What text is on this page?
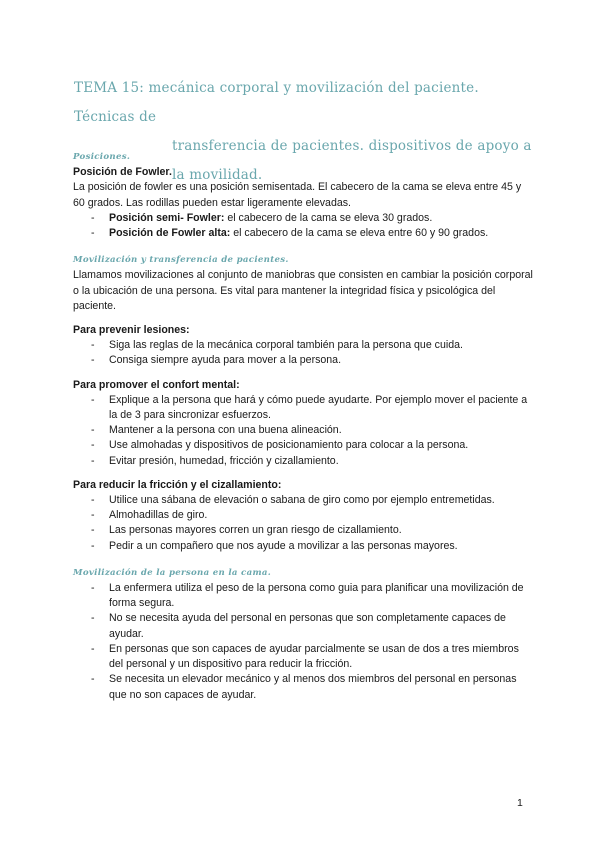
TEMA 15: mecánica corporal y movilización del paciente. Técnicas de
transferencia de pacientes. dispositivos de apoyo a la movilidad.
Posiciones.
Posición de Fowler.

La posición de fowler es una posición semisentada. El cabecero de la cama se eleva entre 45 y 60 grados. Las rodillas pueden estar ligeramente elevadas.

- Posición semi- Fowler: el cabecero de la cama se eleva 30 grados.
- Posición de Fowler alta: el cabecero de la cama se eleva entre 60 y 90 grados.
Movilización y transferencia de pacientes.

Llamamos movilizaciones al conjunto de maniobras que consisten en cambiar la posición corporal o la ubicación de una persona. Es vital para mantener la integridad física y psicológica del paciente.

Para prevenir lesiones:
- Siga las reglas de la mecánica corporal también para la persona que cuida.
- Consiga siempre ayuda para mover a la persona.
Para promover el confort mental:
- Explique a la persona que hará y cómo puede ayudarte. Por ejemplo mover el paciente a la de 3 para sincronizar esfuerzos.
- Mantener a la persona con una buena alineación.
- Use almohadas y dispositivos de posicionamiento para colocar a la persona.
- Evitar presión, humedad, fricción y cizallamiento.
Para reducir la fricción y el cizallamiento:
- Utilice una sábana de elevación o sabana de giro como por ejemplo entremetidas.
- Almohadillas de giro.
- Las personas mayores corren un gran riesgo de cizallamiento.
- Pedir a un compañero que nos ayude a movilizar a las personas mayores.
Movilización de la persona en la cama.
- La enfermera utiliza el peso de la persona como guia para planificar una movilización de forma segura.
- No se necesita ayuda del personal en personas que son completamente capaces de ayudar.
- En personas que son capaces de ayudar parcialmente se usan de dos a tres miembros del personal y un dispositivo para reducir la fricción.
- Se necesita un elevador mecánico y al menos dos miembros del personal en personas que no son capaces de ayudar.
1
